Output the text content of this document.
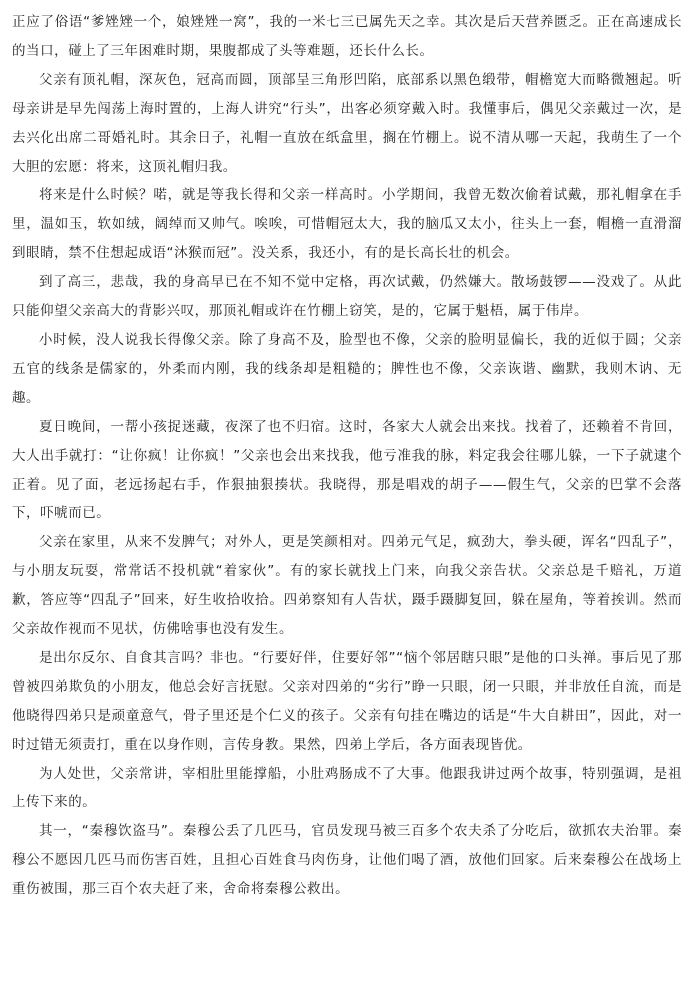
正应了俗语“爹矬矬一个，娘矬矬一窝”，我的一米七三已属先天之幸。其次是后天营养匮乏。正在高速成长的当口，碰上了三年困难时期，果腹都成了头等难题，还长什么长。

父亲有顶礼帽，深灰色，冠高而圆，顶部呈三角形凹陷，底部系以黑色缎带，帽檐宽大而略微翘起。听母亲讲是早先闯荡上海时置的，上海人讲究“行头”，出客必须穿戴入时。我懂事后，偶见父亲戴过一次，是去兴化出席二哥婚礼时。其余日子，礼帽一直放在纸盒里，搁在竹棚上。说不清从哪一天起，我萌生了一个大胆的宏愿：将来，这顶礼帽归我。

将来是什么时候？喏，就是等我长得和父亲一样高时。小学期间，我曾无数次偷着试戴，那礼帽拿在手里，温如玉，软如绒，阔绰而又帅气。唉唉，可惜帽冠太大，我的脑瓜又太小，往头上一套，帽檐一直滑溜到眼睛，禁不住想起成语“沐猴而冠”。没关系，我还小，有的是长高长壮的机会。

到了高三，悲哉，我的身高早已在不知不觉中定格，再次试戴，仍然嫌大。散场鼓锣——没戏了。从此只能仰望父亲高大的背影兴叹，那顶礼帽或许在竹棚上窃笑，是的，它属于魁梧，属于伟岸。

小时候，没人说我长得像父亲。除了身高不及，脸型也不像，父亲的脸明显偏长，我的近似于圆；父亲五官的线条是儒家的，外柔而内刚，我的线条却是粗糙的；脾性也不像，父亲诙谐、幽默，我则木讷、无趣。

夏日晚间，一帮小孩捉迷藏，夜深了也不归宿。这时，各家大人就会出来找。找着了，还赖着不肯回，大人出手就打：“让你疯！让你疯！”父亲也会出来找我，他亏准我的脉，料定我会往哪儿躲，一下子就逮个正着。见了面，老远扬起右手，作狠抽狠揍状。我晓得，那是唱戏的胡子——假生气，父亲的巴掌不会落下，吓唬而已。

父亲在家里，从来不发脾气；对外人，更是笑颜相对。四弟元气足，疯劲大，拳头硬，诨名“四乱子”，与小朋友玩耍，常常话不投机就“着家伙”。有的家长就找上门来，向我父亲告状。父亲总是千赔礼，万道歉，答应等“四乱子”回来，好生收拾收拾。四弟察知有人告状，蹑手蹑脚复回，躲在屋角，等着挨训。然而父亲故作视而不见状，仿佛啥事也没有发生。

是出尔反尔、自食其言吗？非也。“行要好伴，住要好邻”“恼个邻居瞎只眼”是他的口头禅。事后见了那曾被四弟欺负的小朋友，他总会好言抚慰。父亲对四弟的“劣行”睁一只眼，闭一只眼，并非放任自流，而是他晓得四弟只是顽童意气，骨子里还是个仁义的孩子。父亲有句挂在嘴边的话是“牛大自耕田”，因此，对一时过错无须责打，重在以身作则，言传身教。果然，四弟上学后，各方面表现皆优。

为人处世，父亲常讲，宰相肚里能撑船，小肚鸡肠成不了大事。他跟我讲过两个故事，特别强调，是祖上传下来的。

其一，“秦穆饮盗马”。秦穆公丢了几匹马，官员发现马被三百多个农夫杀了分吃后，欲抓农夫治罪。秦穆公不愿因几匹马而伤害百姓，且担心百姓食马肉伤身，让他们喝了酒，放他们回家。后来秦穆公在战场上重伤被围，那三百个农夫赶了来，舍命将秦穆公救出。
